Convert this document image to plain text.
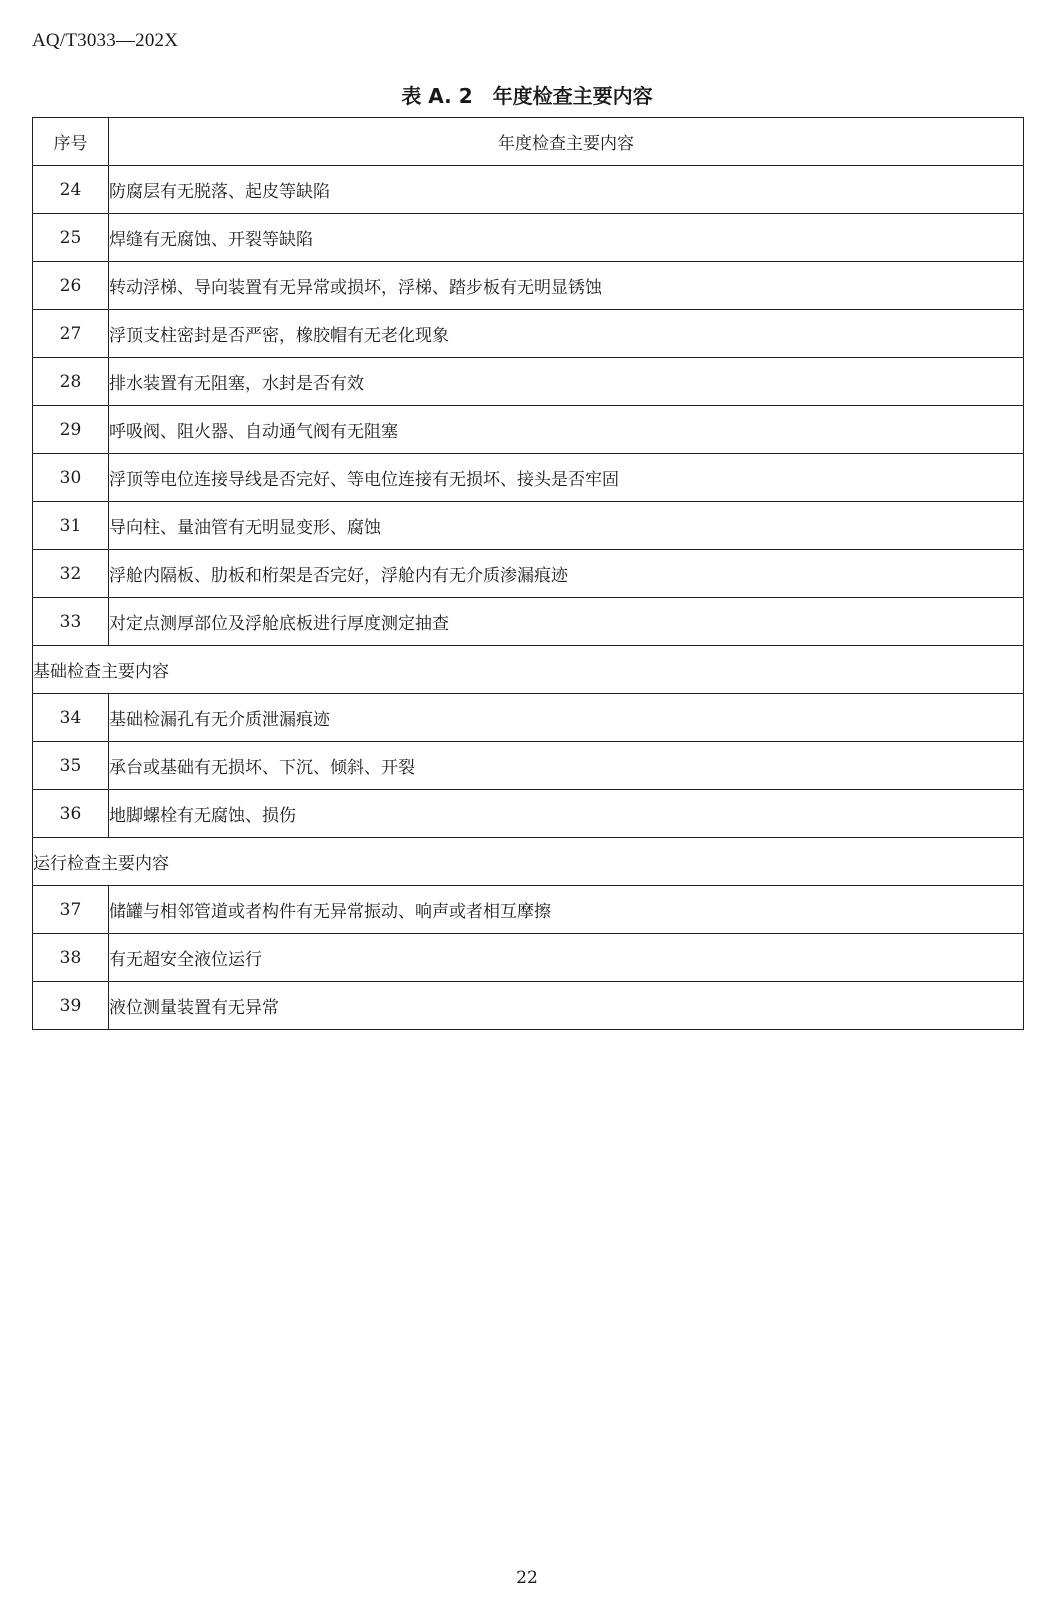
AQ/T3033—202X
表 A. 2　年度检查主要内容
序号	年度检查主要内容
24	防腐层有无脱落、起皮等缺陷
25	焊缝有无腐蚀、开裂等缺陷
26	转动浮梯、导向装置有无异常或损坏，浮梯、踏步板有无明显锈蚀
27	浮顶支柱密封是否严密，橡胶帽有无老化现象
28	排水装置有无阻塞，水封是否有效
29	呼吸阀、阻火器、自动通气阀有无阻塞
30	浮顶等电位连接导线是否完好、等电位连接有无损坏、接头是否牢固
31	导向柱、量油管有无明显变形、腐蚀
32	浮舱内隔板、肋板和桁架是否完好，浮舱内有无介质渗漏痕迹
33	对定点测厚部位及浮舱底板进行厚度测定抽查
基础检查主要内容	
34	基础检漏孔有无介质泄漏痕迹
35	承台或基础有无损坏、下沉、倾斜、开裂
36	地脚螺栓有无腐蚀、损伤
运行检查主要内容	
37	储罐与相邻管道或者构件有无异常振动、响声或者相互摩擦
38	有无超安全液位运行
39	液位测量装置有无异常
22
